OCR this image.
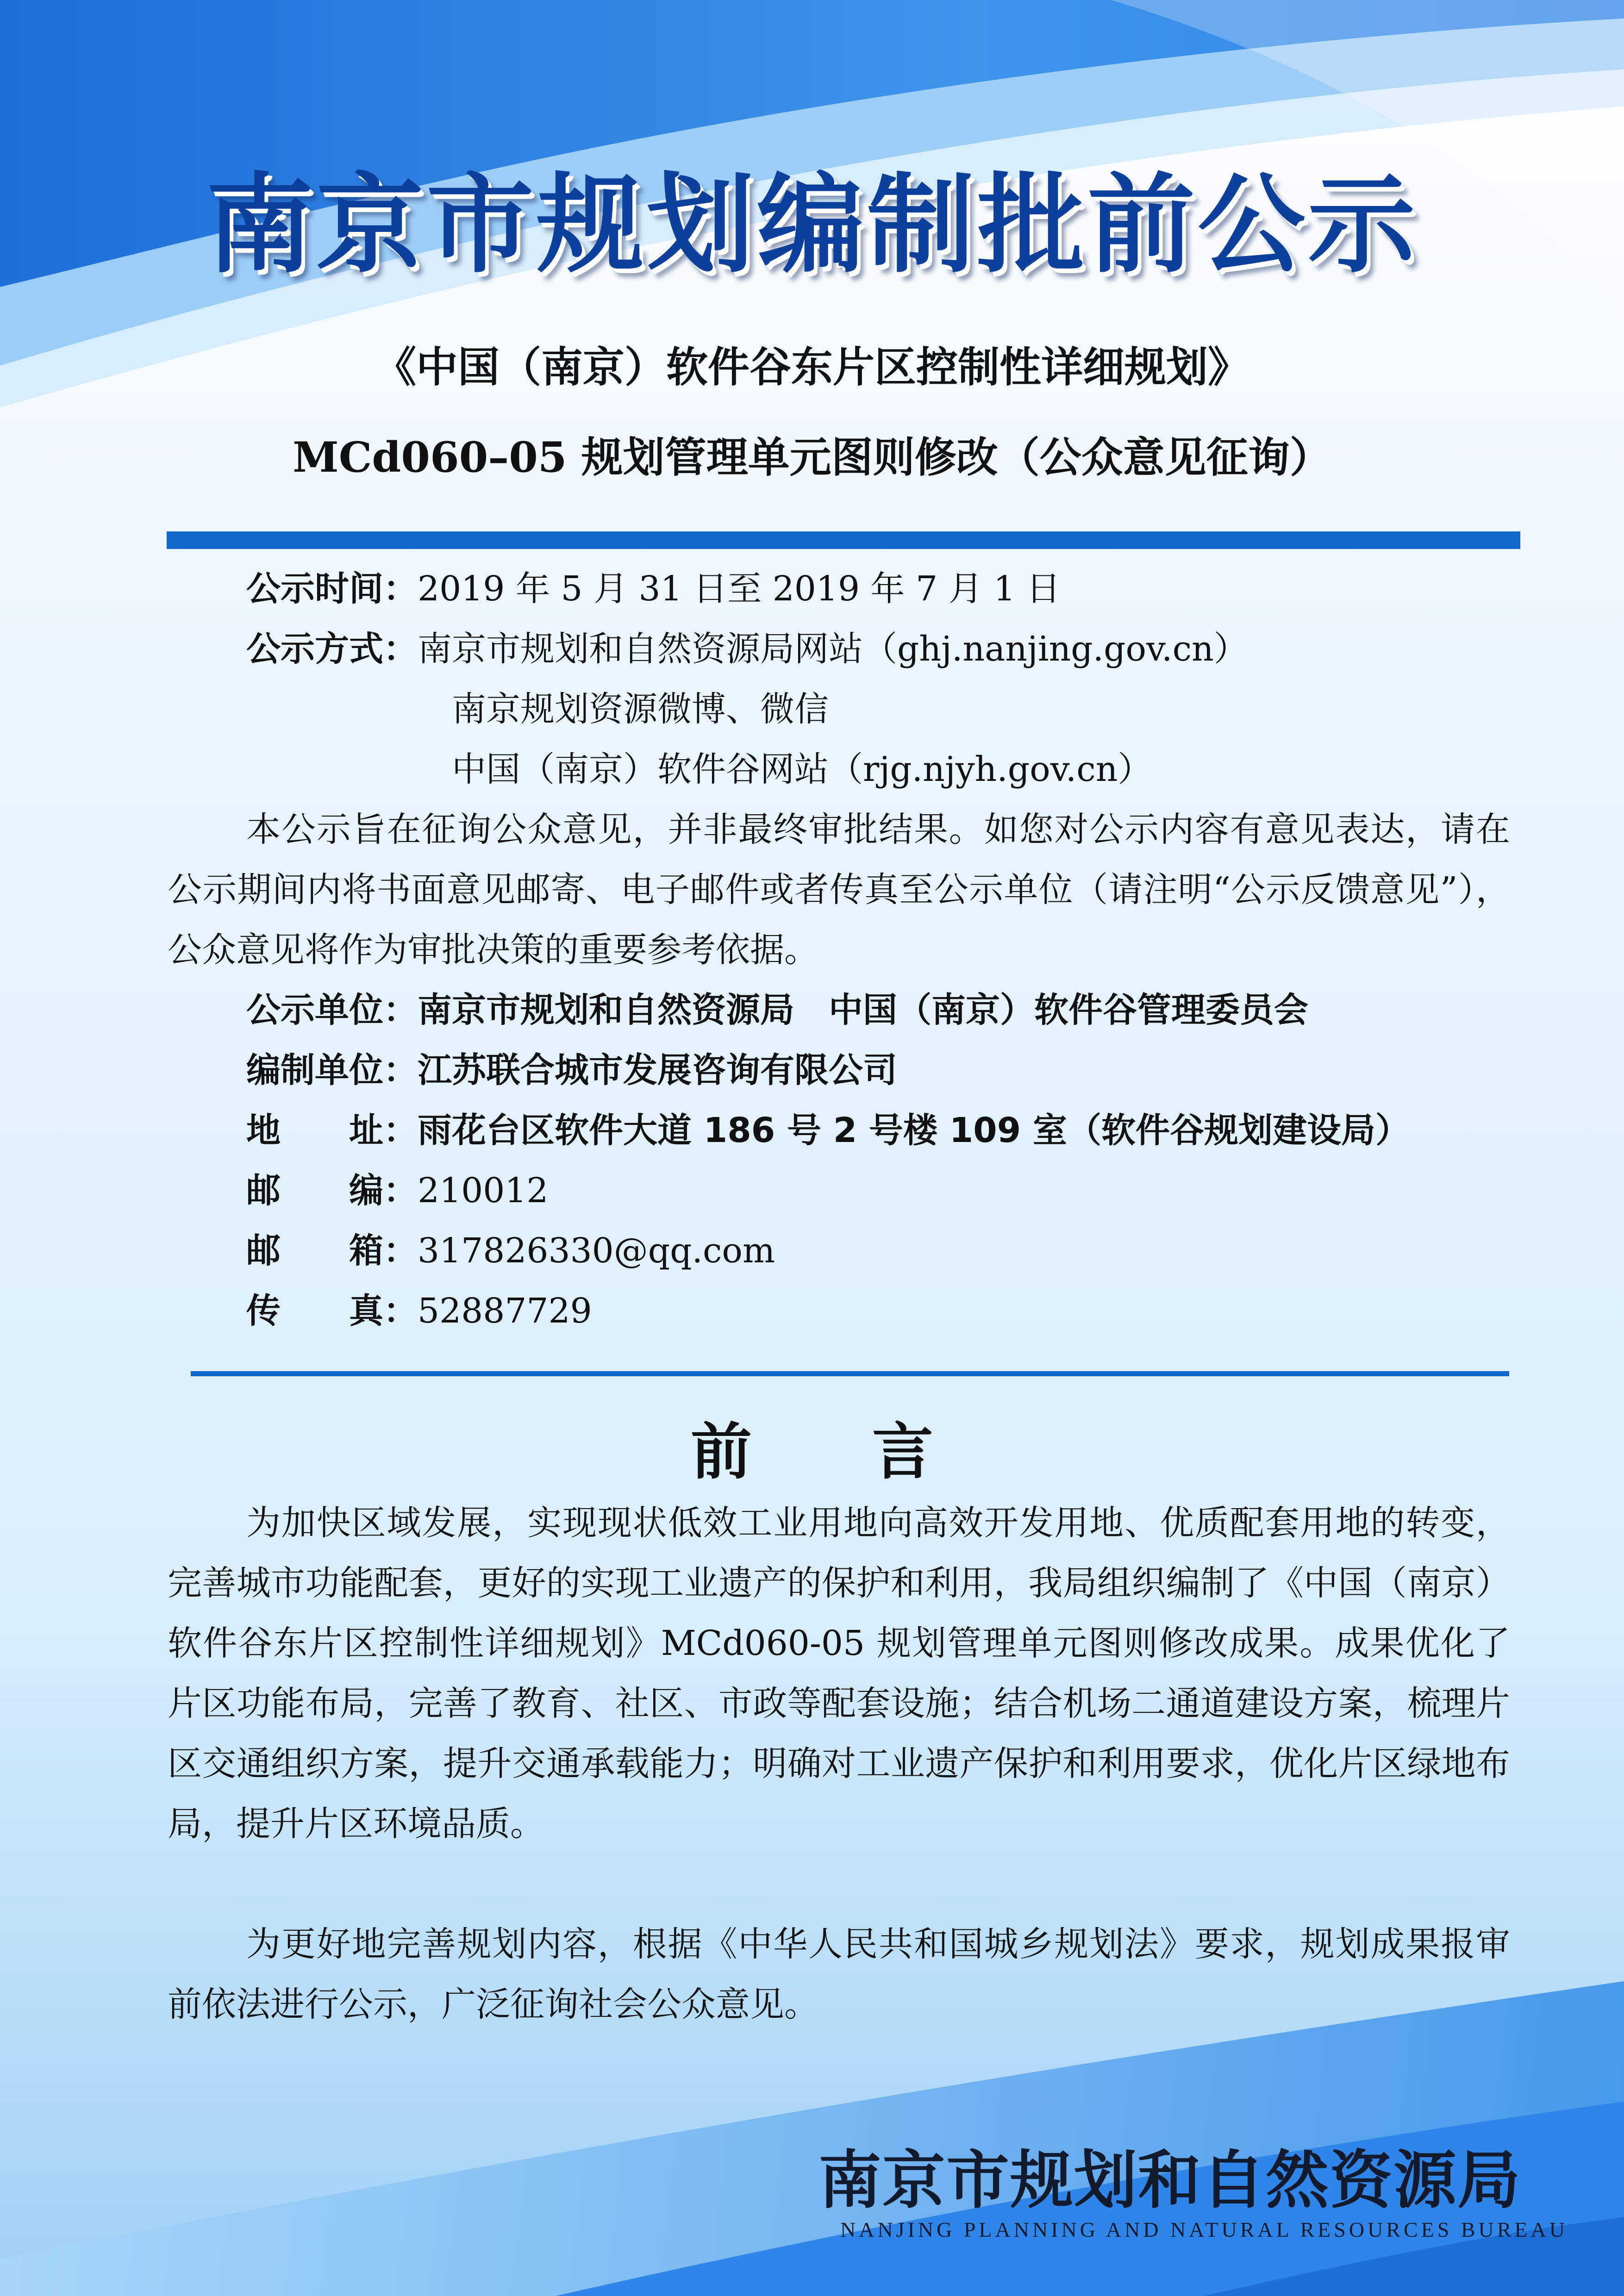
南京市规划编制批前公示
《中国（南京）软件谷东片区控制性详细规划》
MCd060–05 规划管理单元图则修改（公众意见征询）
公示时间：2019 年 5 月 31 日至 2019 年 7 月 1 日
公示方式：南京市规划和自然资源局网站（ghj.nanjing.gov.cn）
南京规划资源微博、微信
中国（南京）软件谷网站（rjg.njyh.gov.cn）

本公示旨在征询公众意见，并非最终审批结果。如您对公示内容有意见表达，请在公示期间内将书面意见邮寄、电子邮件或者传真至公示单位（请注明“公示反馈意见”），公众意见将作为审批决策的重要参考依据。

公示单位：南京市规划和自然资源局　中国（南京）软件谷管理委员会
编制单位：江苏联合城市发展咨询有限公司
地　　址：雨花台区软件大道 186 号 2 号楼 109 室（软件谷规划建设局）
邮　　编：210012
邮　　箱：317826330@qq.com
传　　真：52887729
前言

为加快区域发展，实现现状低效工业用地向高效开发用地、优质配套用地的转变，完善城市功能配套，更好的实现工业遗产的保护和利用，我局组织编制了《中国（南京）软件谷东片区控制性详细规划》MCd060-05 规划管理单元图则修改成果。成果优化了片区功能布局，完善了教育、社区、市政等配套设施；结合机场二通道建设方案，梳理片区交通组织方案，提升交通承载能力；明确对工业遗产保护和利用要求，优化片区绿地布局，提升片区环境品质。

为更好地完善规划内容，根据《中华人民共和国城乡规划法》要求，规划成果报审前依法进行公示，广泛征询社会公众意见。

南京市规划和自然资源局
NANJING PLANNING AND NATURAL RESOURCES BUREAU
